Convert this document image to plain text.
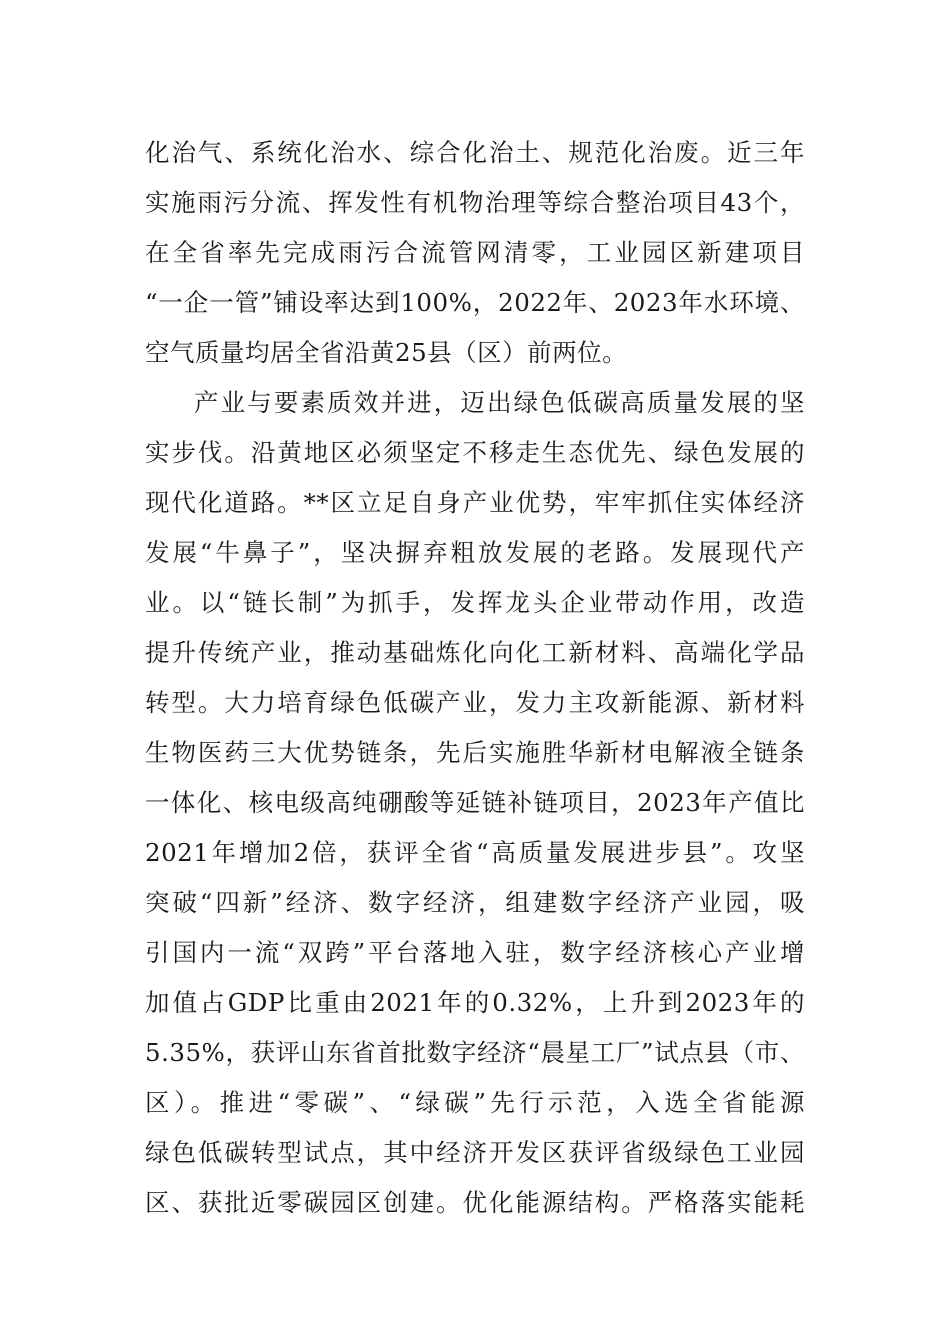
化治气、系统化治水、综合化治土、规范化治废。近三年
实施雨污分流、挥发性有机物治理等综合整治项目43个，
在全省率先完成雨污合流管网清零，工业园区新建项目
“一企一管”铺设率达到100%，2022年、2023年水环境、
空气质量均居全省沿黄25县（区）前两位。
产业与要素质效并进，迈出绿色低碳高质量发展的坚
实步伐。沿黄地区必须坚定不移走生态优先、绿色发展的
现代化道路。**区立足自身产业优势，牢牢抓住实体经济
发展“牛鼻子”，坚决摒弃粗放发展的老路。发展现代产
业。以“链长制”为抓手，发挥龙头企业带动作用，改造
提升传统产业，推动基础炼化向化工新材料、高端化学品
转型。大力培育绿色低碳产业，发力主攻新能源、新材料
生物医药三大优势链条，先后实施胜华新材电解液全链条
一体化、核电级高纯硼酸等延链补链项目，2023年产值比
2021年增加2倍，获评全省“高质量发展进步县”。攻坚
突破“四新”经济、数字经济，组建数字经济产业园，吸
引国内一流“双跨”平台落地入驻，数字经济核心产业增
加值占GDP比重由2021年的0.32%，上升到2023年的
5.35%，获评山东省首批数字经济“晨星工厂”试点县（市、
区）。推进“零碳”、“绿碳”先行示范，入选全省能源
绿色低碳转型试点，其中经济开发区获评省级绿色工业园
区、获批近零碳园区创建。优化能源结构。严格落实能耗
